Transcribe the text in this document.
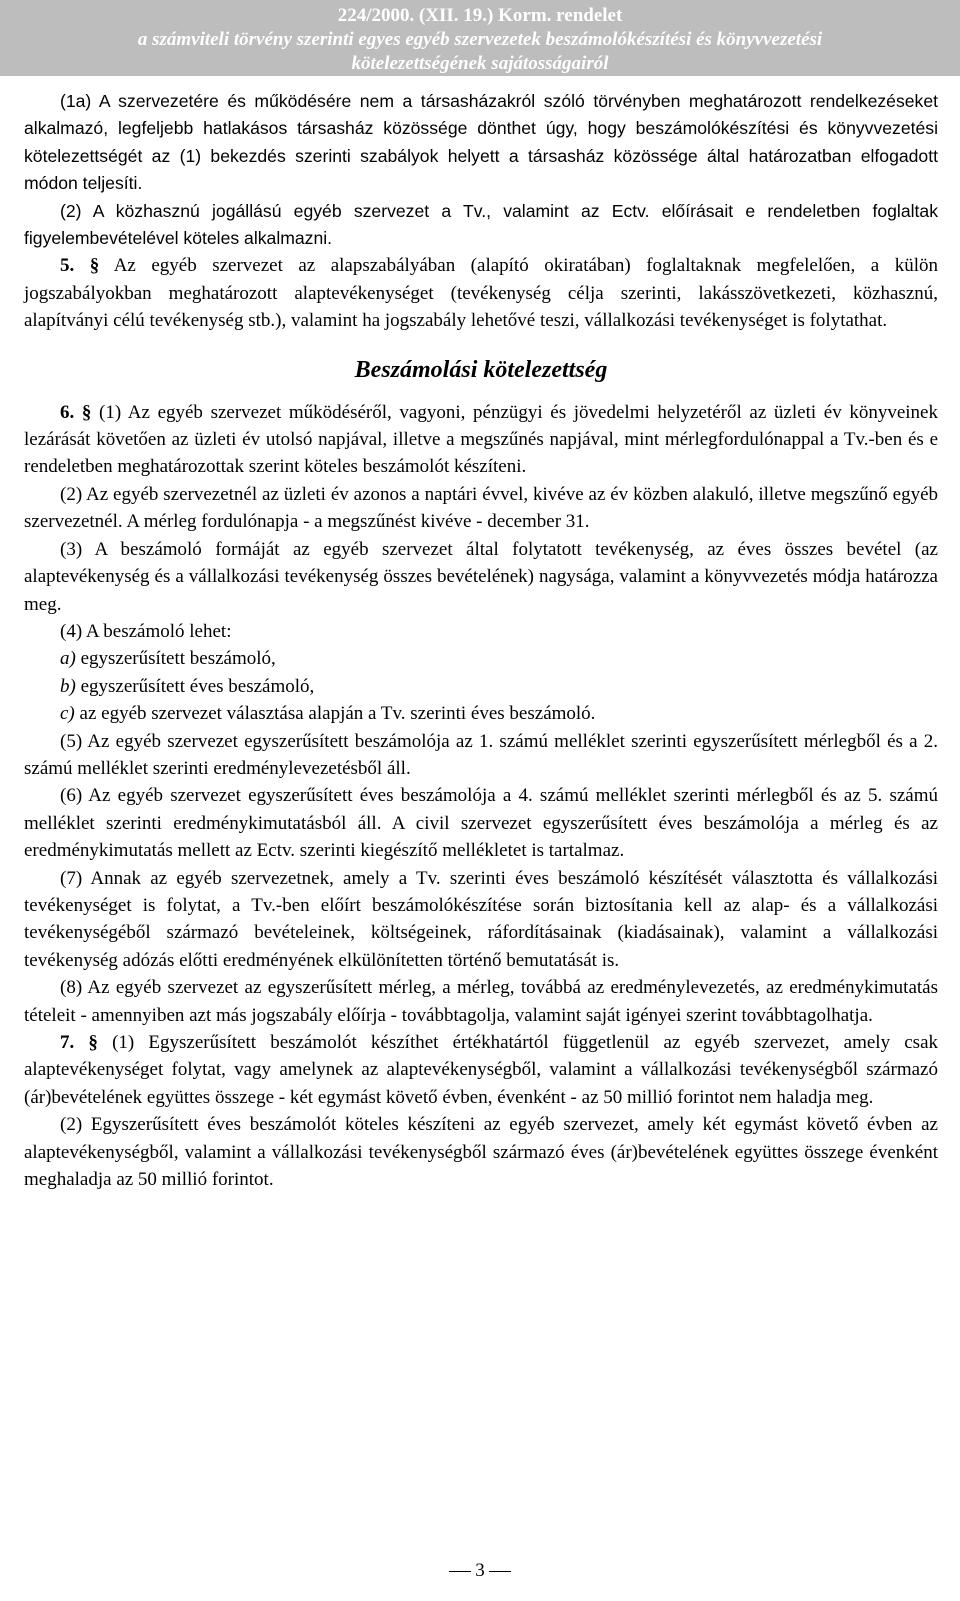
224/2000. (XII. 19.) Korm. rendelet
a számviteli törvény szerinti egyes egyéb szervezetek beszámolókészítési és könyvvezetési
kötelezettségének sajátosságairól

(1a) A szervezetére és működésére nem a társasházakról szóló törvényben meghatározott rendelkezéseket alkalmazó, legfeljebb hatlakásos társasház közössége dönthet úgy, hogy beszámolókészítési és könyvvezetési kötelezettségét az (1) bekezdés szerinti szabályok helyett a társasház közössége által határozatban elfogadott módon teljesíti.

(2) A közhasznú jogállású egyéb szervezet a Tv., valamint az Ectv. előírásait e rendeletben foglaltak figyelembevételével köteles alkalmazni.

5. § Az egyéb szervezet az alapszabályában (alapító okiratában) foglaltaknak megfelelően, a külön jogszabályokban meghatározott alaptevékenységet (tevékenység célja szerinti, lakásszövetkezeti, közhasznú, alapítványi célú tevékenység stb.), valamint ha jogszabály lehetővé teszi, vállalkozási tevékenységet is folytathat.

Beszámolási kötelezettség

6. § (1) Az egyéb szervezet működéséről, vagyoni, pénzügyi és jövedelmi helyzetéről az üzleti év könyveinek lezárását követően az üzleti év utolsó napjával, illetve a megszűnés napjával, mint mérlegfordulónappal a Tv.-ben és e rendeletben meghatározottak szerint köteles beszámolót készíteni.

(2) Az egyéb szervezetnél az üzleti év azonos a naptári évvel, kivéve az év közben alakuló, illetve megszűnő egyéb szervezetnél. A mérleg fordulónapja - a megszűnést kivéve - december 31.

(3) A beszámoló formáját az egyéb szervezet által folytatott tevékenység, az éves összes bevétel (az alaptevékenység és a vállalkozási tevékenység összes bevételének) nagysága, valamint a könyvvezetés módja határozza meg.

(4) A beszámoló lehet:

a) egyszerűsített beszámoló,

b) egyszerűsített éves beszámoló,

c) az egyéb szervezet választása alapján a Tv. szerinti éves beszámoló.

(5) Az egyéb szervezet egyszerűsített beszámolója az 1. számú melléklet szerinti egyszerűsített mérlegből és a 2. számú melléklet szerinti eredménylevezetésből áll.

(6) Az egyéb szervezet egyszerűsített éves beszámolója a 4. számú melléklet szerinti mérlegből és az 5. számú melléklet szerinti eredménykimutatásból áll. A civil szervezet egyszerűsített éves beszámolója a mérleg és az eredménykimutatás mellett az Ectv. szerinti kiegészítő mellékletet is tartalmaz.

(7) Annak az egyéb szervezetnek, amely a Tv. szerinti éves beszámoló készítését választotta és vállalkozási tevékenységet is folytat, a Tv.-ben előírt beszámolókészítése során biztosítania kell az alap- és a vállalkozási tevékenységéből származó bevételeinek, költségeinek, ráfordításainak (kiadásainak), valamint a vállalkozási tevékenység adózás előtti eredményének elkülönítetten történő bemutatását is.

(8) Az egyéb szervezet az egyszerűsített mérleg, a mérleg, továbbá az eredménylevezetés, az eredménykimutatás tételeit - amennyiben azt más jogszabály előírja - továbbtagolja, valamint saját igényei szerint továbbtagolhatja.

7. § (1) Egyszerűsített beszámolót készíthet értékhatártól függetlenül az egyéb szervezet, amely csak alaptevékenységet folytat, vagy amelynek az alaptevékenységből, valamint a vállalkozási tevékenységből származó (ár)bevételének együttes összege - két egymást követő évben, évenként - az 50 millió forintot nem haladja meg.

(2) Egyszerűsített éves beszámolót köteles készíteni az egyéb szervezet, amely két egymást követő évben az alaptevékenységből, valamint a vállalkozási tevékenységből származó éves (ár)bevételének együttes összege évenként meghaladja az 50 millió forintot.

3
